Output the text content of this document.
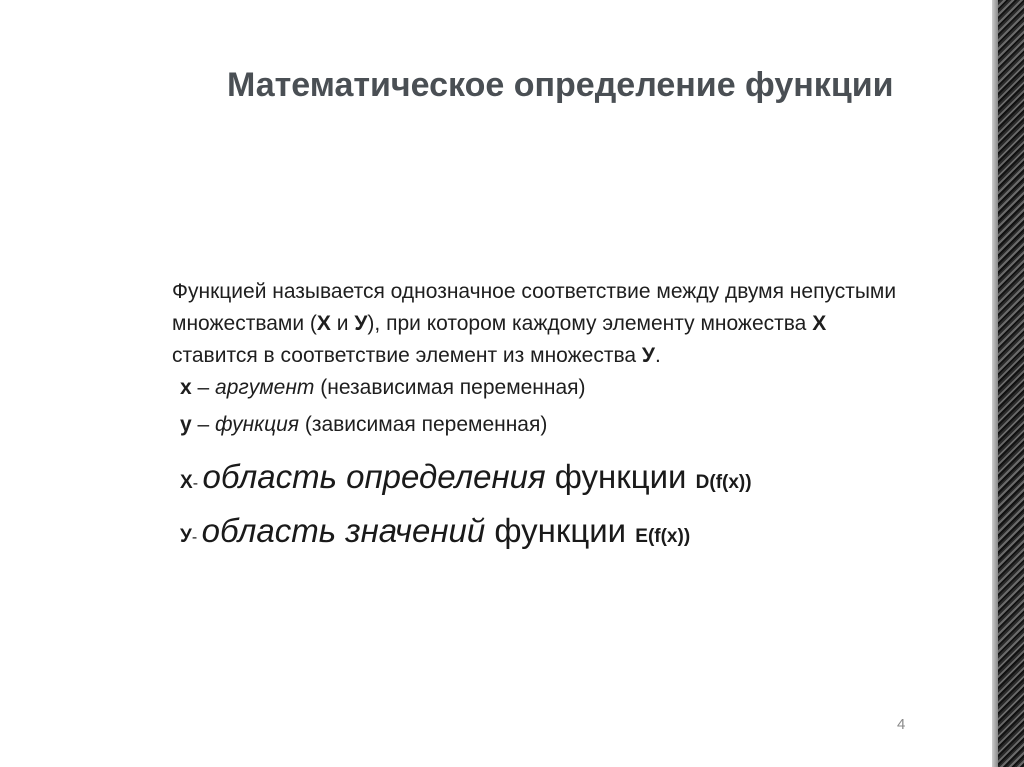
Математическое определение функции
Функцией называется однозначное соответствие между двумя непустыми
множествами (Х и У), при котором каждому элементу множества Х
ставится в соответствие элемент из множества У.
х – аргумент (независимая переменная)
у – функция (зависимая переменная)
Х- область определения функции D(f(x))
У- область значений функции E(f(x))
4
